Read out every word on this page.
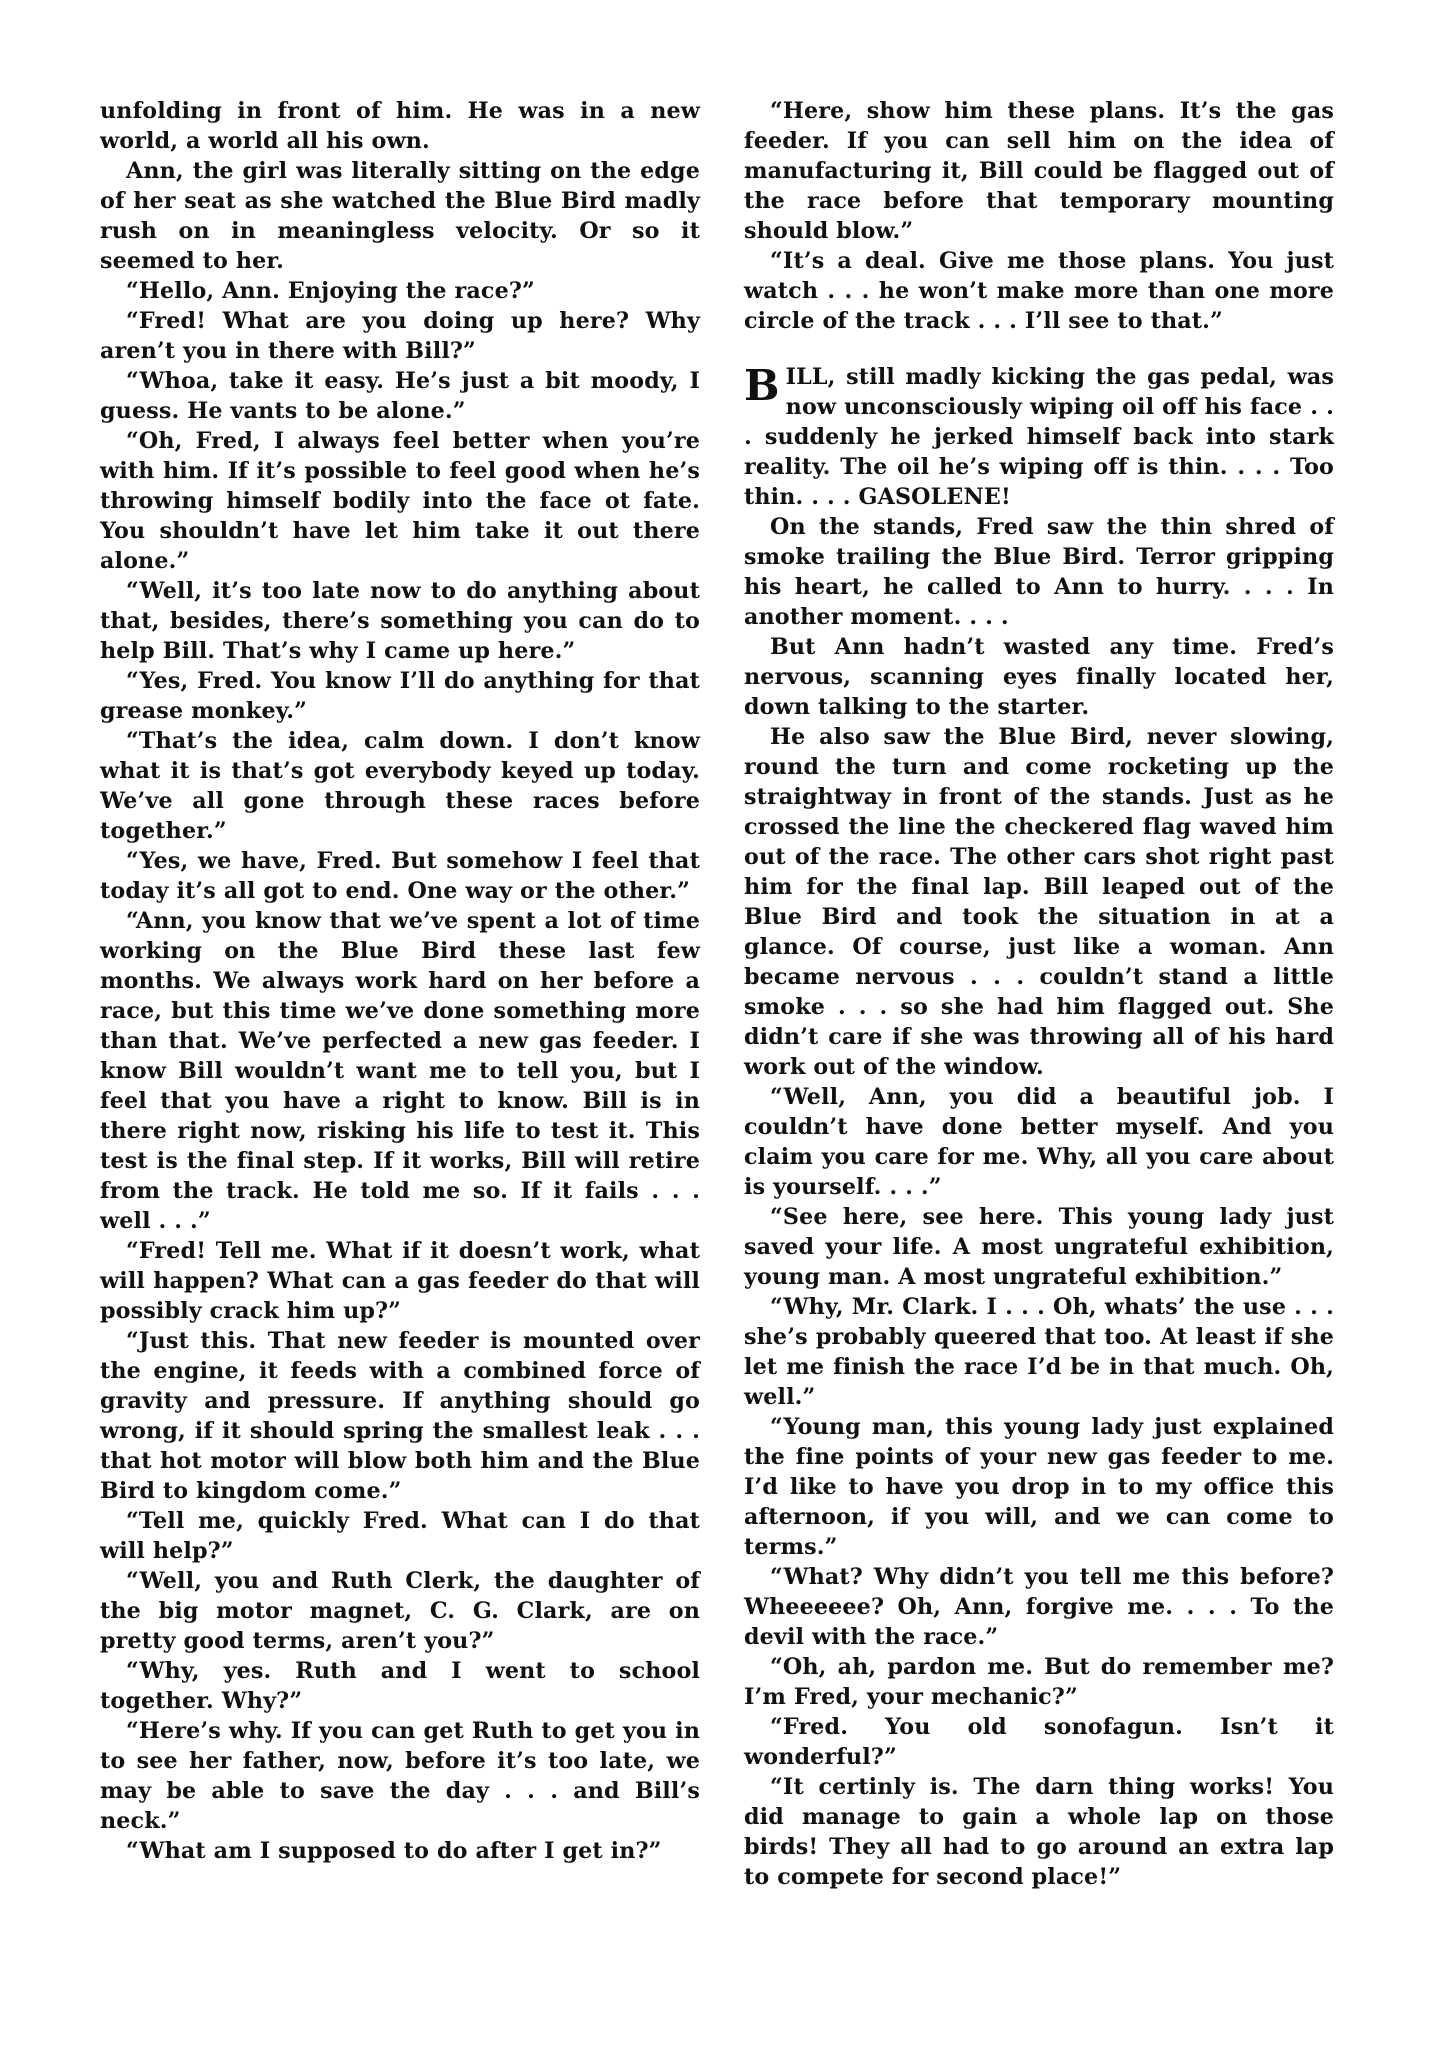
unfolding in front of him. He was in a new world, a world all his own.

Ann, the girl was literally sitting on the edge of her seat as she watched the Blue Bird madly rush on in meaningless velocity. Or so it seemed to her.

“Hello, Ann. Enjoying the race?”

“Fred! What are you doing up here? Why aren’t you in there with Bill?”

“Whoa, take it easy. He’s just a bit moody, I guess. He vants to be alone.”

“Oh, Fred, I always feel better when you’re with him. If it’s possible to feel good when he’s throwing himself bodily into the face ot fate. You shouldn’t have let him take it out there alone.”

“Well, it’s too late now to do anything about that, besides, there’s something you can do to help Bill. That’s why I came up here.”

“Yes, Fred. You know I’ll do anything for that grease monkey.”

“That’s the idea, calm down. I don’t know what it is that’s got everybody keyed up today. We’ve all gone through these races before together.”

“Yes, we have, Fred. But somehow I feel that today it’s all got to end. One way or the other.”

“Ann, you know that we’ve spent a lot of time working on the Blue Bird these last few months. We always work hard on her before a race, but this time we’ve done something more than that. We’ve perfected a new gas feeder. I know Bill wouldn’t want me to tell you, but I feel that you have a right to know. Bill is in there right now, risking his life to test it. This test is the final step. If it works, Bill will retire from the track. He told me so. If it fails . . . well . . .”

“Fred! Tell me. What if it doesn’t work, what will happen? What can a gas feeder do that will possibly crack him up?”

“Just this. That new feeder is mounted over the engine, it feeds with a combined force of gravity and pressure. If anything should go wrong, if it should spring the smallest leak . . . that hot motor will blow both him and the Blue Bird to kingdom come.”

“Tell me, quickly Fred. What can I do that will help?”

“Well, you and Ruth Clerk, the daughter of the big motor magnet, C. G. Clark, are on pretty good terms, aren’t you?”

“Why, yes. Ruth and I went to school together. Why?”

“Here’s why. If you can get Ruth to get you in to see her father, now, before it’s too late, we may be able to save the day . . . and Bill’s neck.”

“What am I supposed to do after I get in?”

“Here, show him these plans. It’s the gas feeder. If you can sell him on the idea of manufacturing it, Bill could be flagged out of the race before that temporary mounting should blow.”

“It’s a deal. Give me those plans. You just watch . . . he won’t make more than one more circle of the track . . . I’ll see to that.”

BILL, still madly kicking the gas pedal, was now unconsciously wiping oil off his face . . . suddenly he jerked himself back into stark reality. The oil he’s wiping off is thin. . . . Too thin. . . . GASOLENE!

On the stands, Fred saw the thin shred of smoke trailing the Blue Bird. Terror gripping his heart, he called to Ann to hurry. . . . In another moment. . . .

But Ann hadn’t wasted any time. Fred’s nervous, scanning eyes finally located her, down talking to the starter.

He also saw the Blue Bird, never slowing, round the turn and come rocketing up the straightway in front of the stands. Just as he crossed the line the checkered flag waved him out of the race. The other cars shot right past him for the final lap. Bill leaped out of the Blue Bird and took the situation in at a glance. Of course, just like a woman. Ann became nervous . . . couldn’t stand a little smoke . . . so she had him flagged out. She didn’t care if she was throwing all of his hard work out of the window.

“Well, Ann, you did a beautiful job. I couldn’t have done better myself. And you claim you care for me. Why, all you care about is yourself. . . .”

“See here, see here. This young lady just saved your life. A most ungrateful exhibition, young man. A most ungrateful exhibition.”

“Why, Mr. Clark. I . . . Oh, whats’ the use . . . she’s probably queered that too. At least if she let me finish the race I’d be in that much. Oh, well.”

“Young man, this young lady just explained the fine points of your new gas feeder to me. I’d like to have you drop in to my office this afternoon, if you will, and we can come to terms.”

“What? Why didn’t you tell me this before? Wheeeeee? Oh, Ann, forgive me. . . . To the devil with the race.”

“Oh, ah, pardon me. But do remember me? I’m Fred, your mechanic?”

“Fred. You old sonofagun. Isn’t it wonderful?”

“It certinly is. The darn thing works! You did manage to gain a whole lap on those birds! They all had to go around an extra lap to compete for second place!”
